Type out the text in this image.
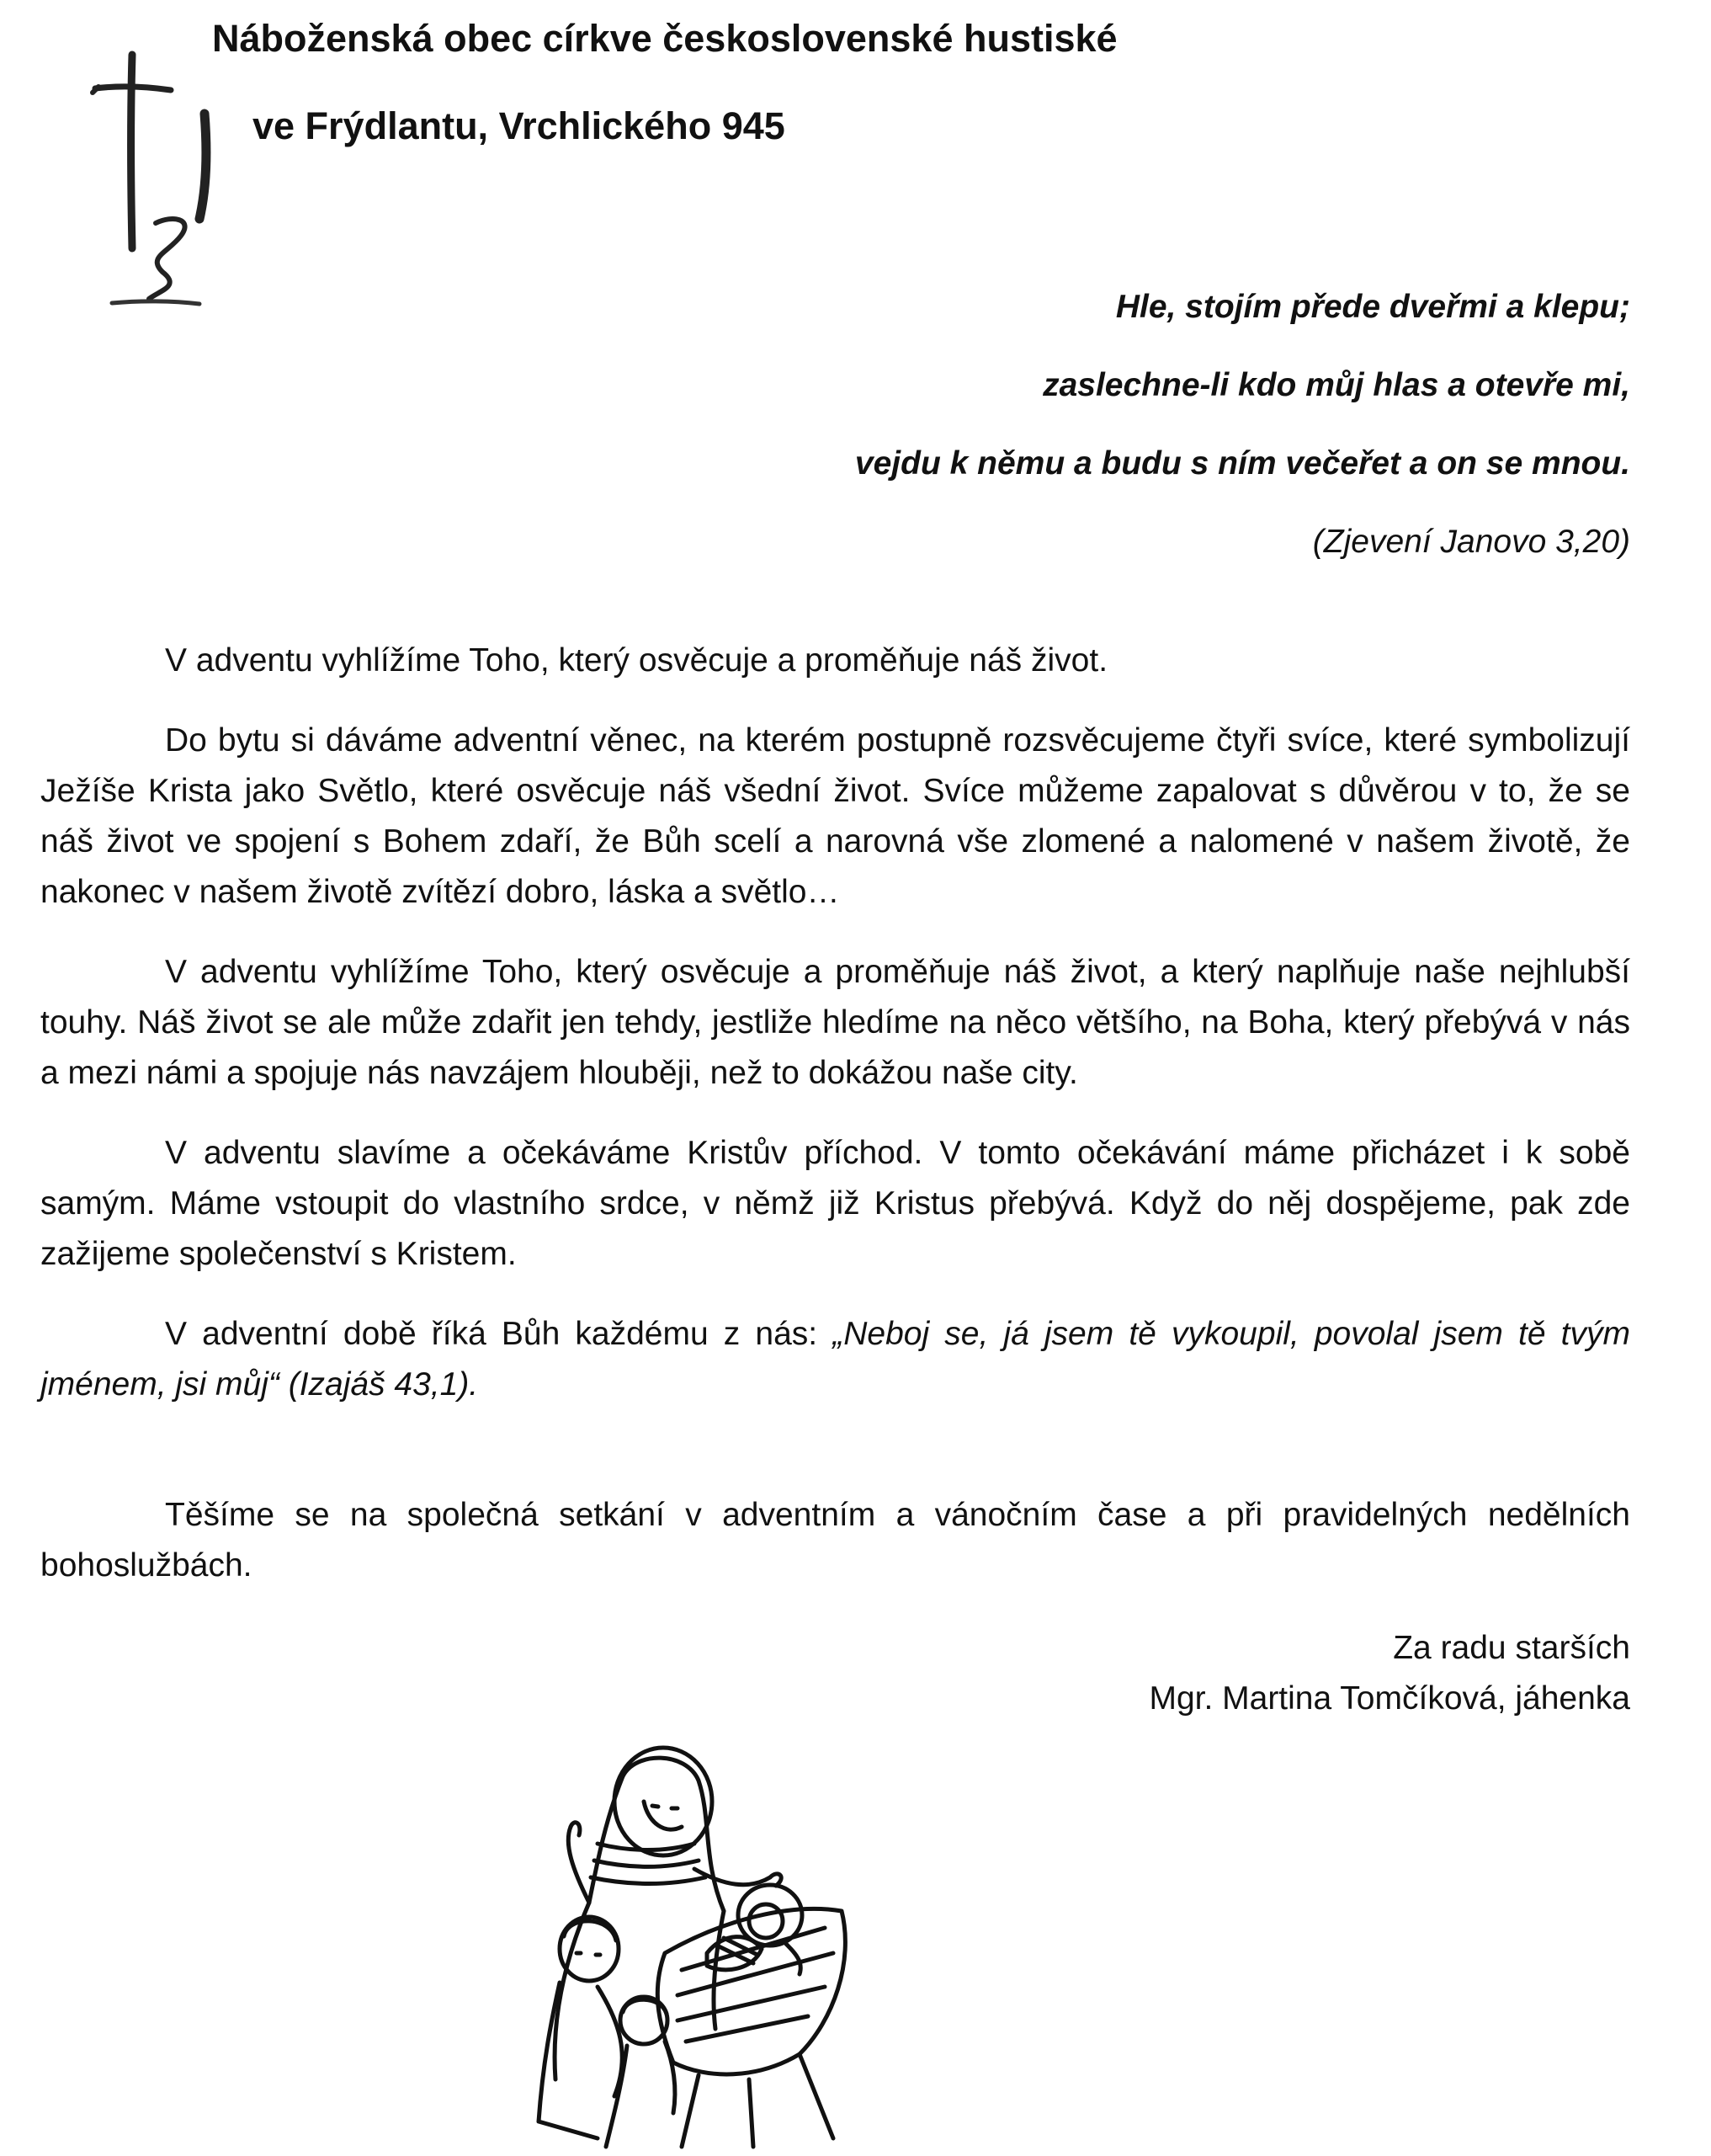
Náboženská obec církve československé hustiské
ve Frýdlantu, Vrchlického 945
Hle, stojím přede dveřmi a klepu;
zaslechne-li kdo můj hlas a otevře mi,
vejdu k němu a budu s ním večeřet a on se mnou.
(Zjevení Janovo 3,20)

V adventu vyhlížíme Toho, který osvěcuje a proměňuje náš život.

Do bytu si dáváme adventní věnec, na kterém postupně rozsvěcujeme čtyři svíce, které symbolizují Ježíše Krista jako Světlo, které osvěcuje náš všední život. Svíce můžeme zapalovat s důvěrou v to, že se náš život ve spojení s Bohem zdaří, že Bůh scelí a narovná vše zlomené a nalomené v našem životě, že nakonec v našem životě zvítězí dobro, láska a světlo…

V adventu vyhlížíme Toho, který osvěcuje a proměňuje náš život, a který naplňuje naše nejhlubší touhy. Náš život se ale může zdařit jen tehdy, jestliže hledíme na něco většího, na Boha, který přebývá v nás a mezi námi a spojuje nás navzájem hlouběji, než to dokážou naše city.

V adventu slavíme a očekáváme Kristův příchod. V tomto očekávání máme přicházet i k sobě samým. Máme vstoupit do vlastního srdce, v němž již Kristus přebývá. Když do něj dospějeme, pak zde zažijeme společenství s Kristem.

V adventní době říká Bůh každému z nás: „Neboj se, já jsem tě vykoupil, povolal jsem tě tvým jménem, jsi můj“ (Izajáš 43,1).

Těšíme se na společná setkání v adventním a vánočním čase a při pravidelných nedělních bohoslužbách.

Za radu starších
Mgr. Martina Tomčíková, jáhenka
